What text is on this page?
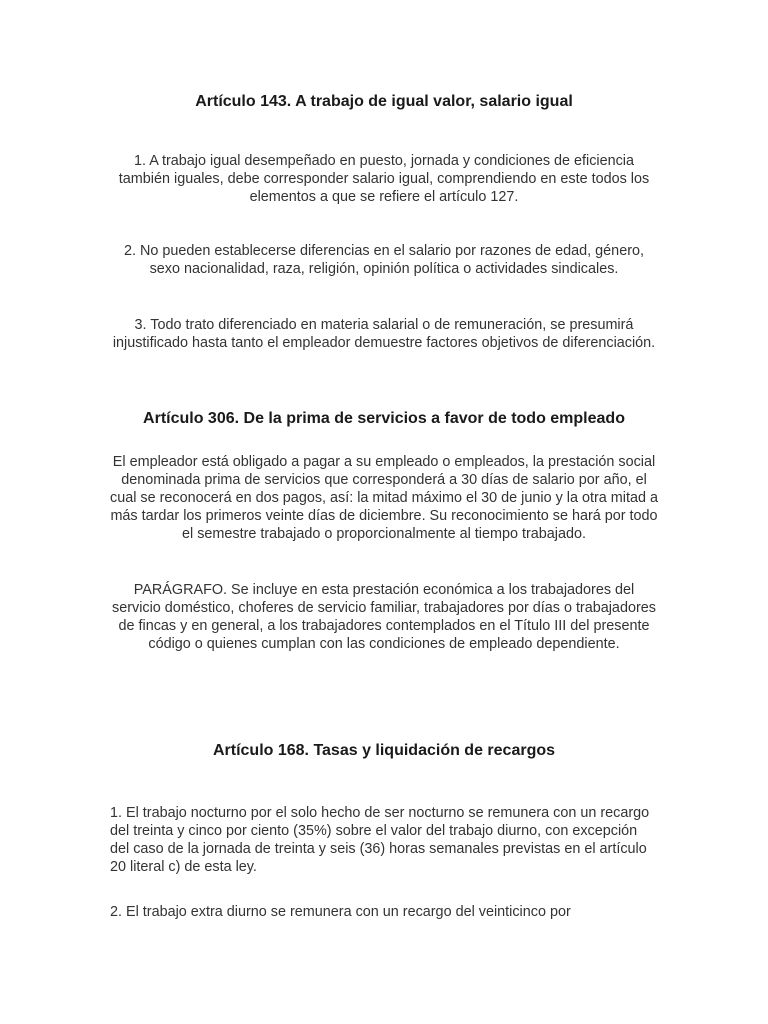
Artículo 143. A trabajo de igual valor, salario igual

1. A trabajo igual desempeñado en puesto, jornada y condiciones de eficiencia también iguales, debe corresponder salario igual, comprendiendo en este todos los elementos a que se refiere el artículo 127.

2. No pueden establecerse diferencias en el salario por razones de edad, género, sexo nacionalidad, raza, religión, opinión política o actividades sindicales.

3. Todo trato diferenciado en materia salarial o de remuneración, se presumirá injustificado hasta tanto el empleador demuestre factores objetivos de diferenciación.

Artículo 306. De la prima de servicios a favor de todo empleado

El empleador está obligado a pagar a su empleado o empleados, la prestación social denominada prima de servicios que corresponderá a 30 días de salario por año, el cual se reconocerá en dos pagos, así: la mitad máximo el 30 de junio y la otra mitad a más tardar los primeros veinte días de diciembre. Su reconocimiento se hará por todo el semestre trabajado o proporcionalmente al tiempo trabajado.

PARÁGRAFO. Se incluye en esta prestación económica a los trabajadores del servicio doméstico, choferes de servicio familiar, trabajadores por días o trabajadores de fincas y en general, a los trabajadores contemplados en el Título III del presente código o quienes cumplan con las condiciones de empleado dependiente.

Artículo 168. Tasas y liquidación de recargos

1. El trabajo nocturno por el solo hecho de ser nocturno se remunera con un recargo del treinta y cinco por ciento (35%) sobre el valor del trabajo diurno, con excepción del caso de la jornada de treinta y seis (36) horas semanales previstas en el artículo 20 literal c) de esta ley.

2. El trabajo extra diurno se remunera con un recargo del veinticinco por
